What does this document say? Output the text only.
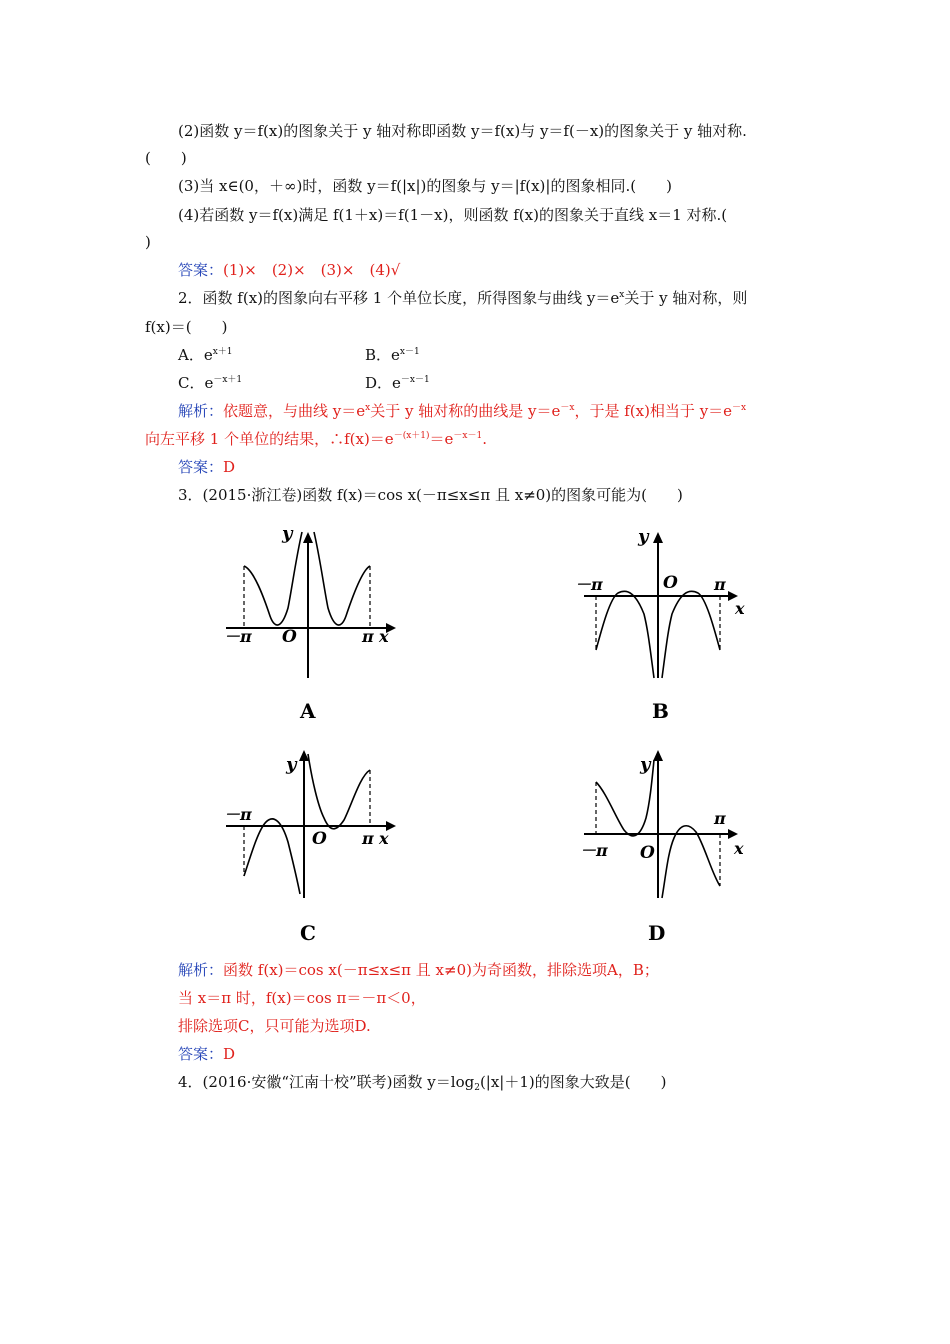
(2)函数 y＝f(x)的图象关于 y 轴对称即函数 y＝f(x)与 y＝f(－x)的图象关于 y 轴对称.
(　　)
(3)当 x∈(0，＋∞)时，函数 y＝f(|x|)的图象与 y＝|f(x)|的图象相同.(　　)
(4)若函数 y＝f(x)满足 f(1＋x)＝f(1－x)，则函数 f(x)的图象关于直线 x＝1 对称.(
)
答案：(1)×　(2)×　(3)×　(4)√
2．函数 f(x)的图象向右平移 1 个单位长度，所得图象与曲线 $y=e^x$关于 y 轴对称，则
f(x)＝(　　)
A．$e^{x+1}$	B．$e^{x-1}$
C．$e^{-x+1}$	D．$e^{-x-1}$
解析：依题意，与曲线 $y=e^x$关于 y 轴对称的曲线是 $y=e^{-x}$，于是 f(x)相当于 $y=e^{-x}$
向左平移 1 个单位的结果，$\therefore f(x)=e^{-(x+1)}=e^{-x-1}$.
答案：D
3．(2015·浙江卷)函数 f(x)＝cos x(－π≤x≤π 且 x≠0)的图象可能为(　　)
y
－π O	π x
A
y
－π	O π
x
B
y
－π
O π x
C
y
－π O
π
x
D
解析：函数 f(x)＝cos x(－π≤x≤π 且 x≠0)为奇函数，排除选项A，B；
当 x＝π 时，f(x)＝cos π＝－π＜0，
排除选项C，只可能为选项D.
答案：D
4．(2016·安徽“江南十校”联考)函数 $y=\log_2(|x|+1)$的图象大致是(　　)
